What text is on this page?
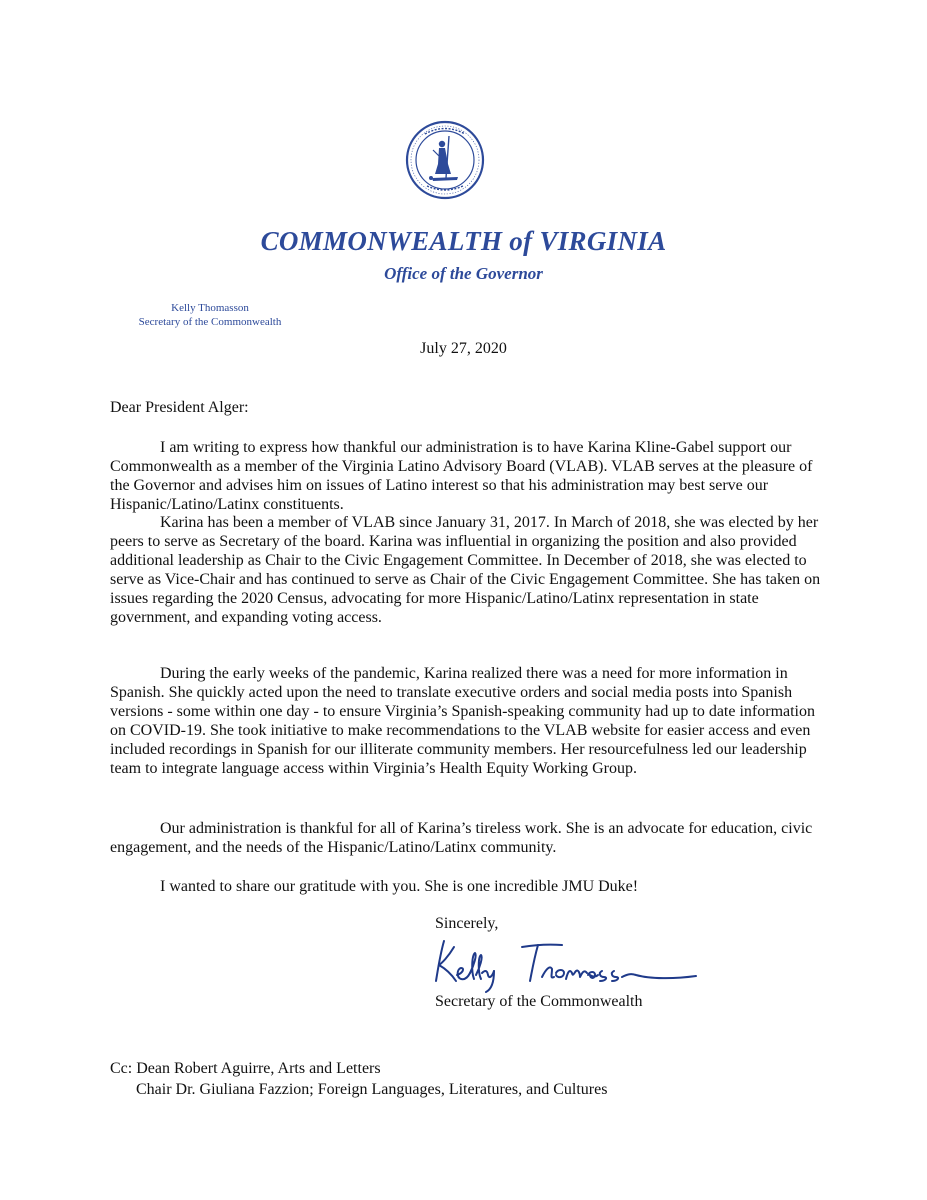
COMMONWEALTH of VIRGINIA
Office of the Governor
Kelly Thomasson
Secretary of the Commonwealth
July 27, 2020
Dear President Alger:
I am writing to express how thankful our administration is to have Karina Kline-Gabel support our Commonwealth as a member of the Virginia Latino Advisory Board (VLAB). VLAB serves at the pleasure of the Governor and advises him on issues of Latino interest so that his administration may best serve our Hispanic/Latino/Latinx constituents.
Karina has been a member of VLAB since January 31, 2017. In March of 2018, she was elected by her peers to serve as Secretary of the board. Karina was influential in organizing the position and also provided additional leadership as Chair to the Civic Engagement Committee. In December of 2018, she was elected to serve as Vice-Chair and has continued to serve as Chair of the Civic Engagement Committee. She has taken on issues regarding the 2020 Census, advocating for more Hispanic/Latino/Latinx representation in state government, and expanding voting access.
During the early weeks of the pandemic, Karina realized there was a need for more information in Spanish. She quickly acted upon the need to translate executive orders and social media posts into Spanish versions - some within one day - to ensure Virginia’s Spanish-speaking community had up to date information on COVID-19. She took initiative to make recommendations to the VLAB website for easier access and even included recordings in Spanish for our illiterate community members. Her resourcefulness led our leadership team to integrate language access within Virginia’s Health Equity Working Group.
Our administration is thankful for all of Karina’s tireless work. She is an advocate for education, civic engagement, and the needs of the Hispanic/Latino/Latinx community.
I wanted to share our gratitude with you. She is one incredible JMU Duke!
Sincerely,
Secretary of the Commonwealth
Cc: Dean Robert Aguirre, Arts and Letters
Chair Dr. Giuliana Fazzion; Foreign Languages, Literatures, and Cultures
